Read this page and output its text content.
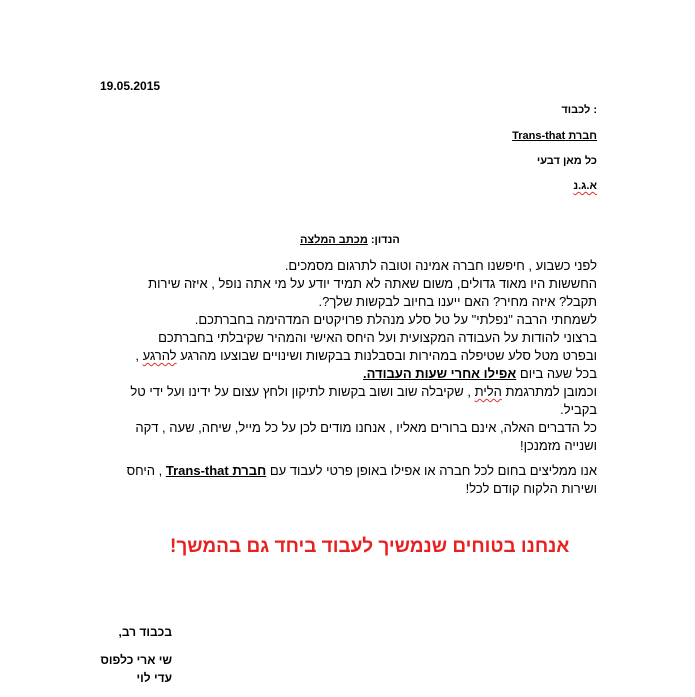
19.05.2015
לכבוד :
חברת Trans-that
כל מאן דבעי
א.ג.נ
הנדון: מכתב המלצה

לפני כשבוע , חיפשנו חברה אמינה וטובה לתרגום מסמכים.

החששות היו מאוד גדולים, משום שאתה לא תמיד יודע על מי אתה נופל , איזה שירות

תקבל? איזה מחיר? האם ייענו בחיוב לבקשות שלך?.

לשמחתי הרבה "נפלתי" על טל סלע מנהלת פרויקטים המדהימה בחברתכם.

ברצוני להודות על העבודה המקצועית ועל היחס האישי והמהיר שקיבלתי בחברתכם

ובפרט מטל סלע שטיפלה במהירות ובסבלנות בבקשות ושינויים שבוצעו מהרגע להרגע ,

בכל שעה ביום אפילו אחרי שעות העבודה.

וכמובן למתרגמת הלית , שקיבלה שוב ושוב בקשות לתיקון ולחץ עצום על ידינו ועל ידי טל

בקביל.

כל הדברים האלה, אינם ברורים מאליו , אנחנו מודים לכן על כל מייל, שיחה, שעה , דקה

ושנייה מזמנכן!

אנו ממליצים בחום לכל חברה או אפילו באופן פרטי לעבוד עם חברת Trans-that , היחס

ושירות הלקוח קודם לכל!

אנחנו בטוחים שנמשיך לעבוד ביחד גם בהמשך!
בכבוד רב,
שי ארי כלפוס
עדי לוי
